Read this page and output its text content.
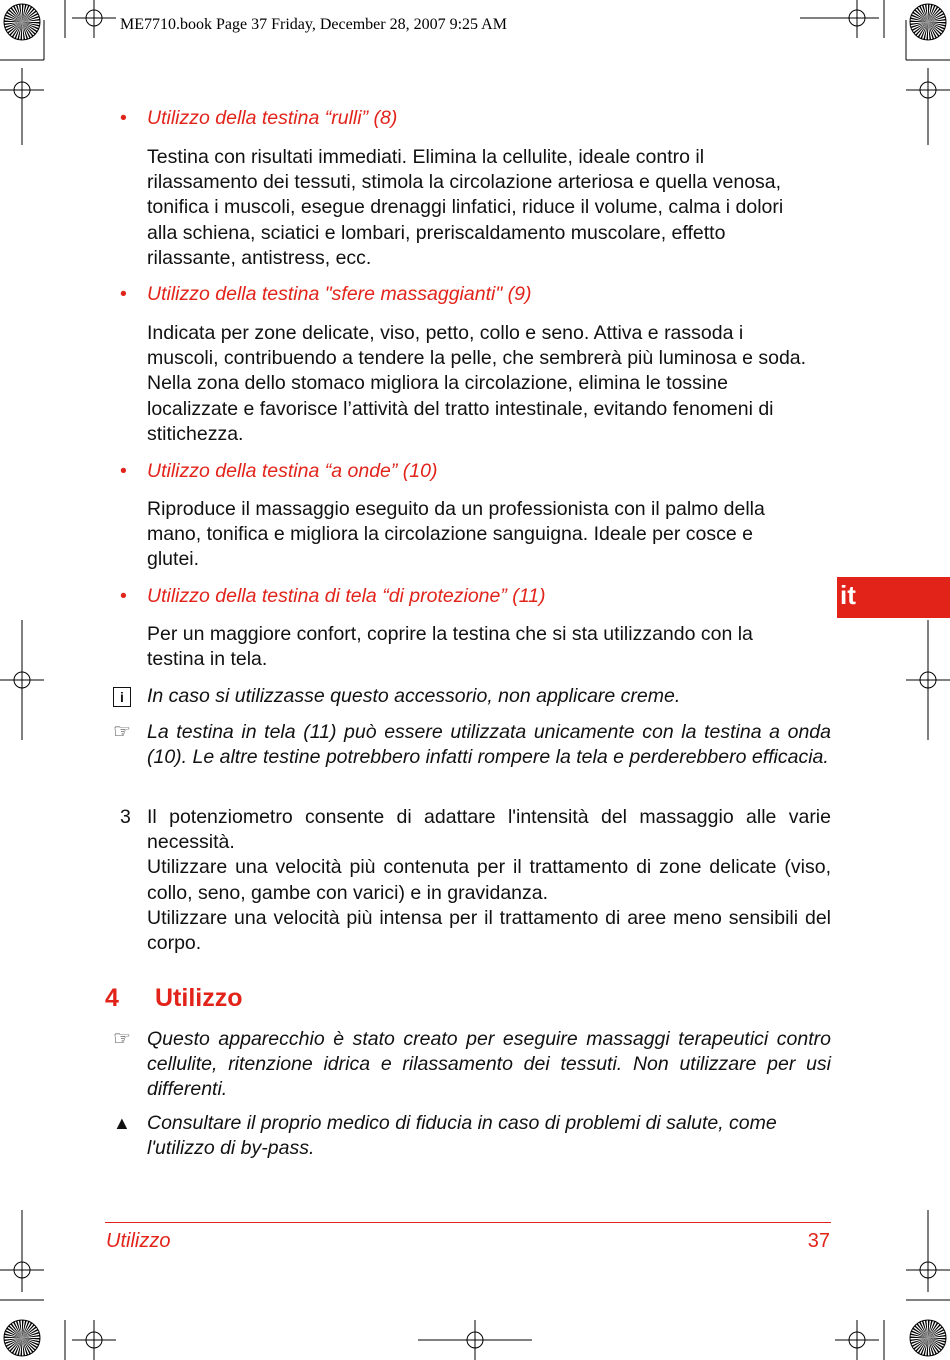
ME7710.book Page 37 Friday, December 28, 2007 9:25 AM
• Utilizzo della testina “rulli” (8)
Testina con risultati immediati. Elimina la cellulite, ideale contro il
rilassamento dei tessuti, stimola la circolazione arteriosa e quella venosa,
tonifica i muscoli, esegue drenaggi linfatici, riduce il volume, calma i dolori
alla schiena, sciatici e lombari, preriscaldamento muscolare, effetto
rilassante, antistress, ecc.
• Utilizzo della testina "sfere massaggianti" (9)
Indicata per zone delicate, viso, petto, collo e seno. Attiva e rassoda i
muscoli, contribuendo a tendere la pelle, che sembrerà più luminosa e soda.
Nella zona dello stomaco migliora la circolazione, elimina le tossine
localizzate e favorisce l’attività del tratto intestinale, evitando fenomeni di
stitichezza.
• Utilizzo della testina “a onde” (10)
Riproduce il massaggio eseguito da un professionista con il palmo della
mano, tonifica e migliora la circolazione sanguigna. Ideale per cosce e
glutei.
• Utilizzo della testina di tela “di protezione” (11)
Per un maggiore confort, coprire la testina che si sta utilizzando con la
testina in tela.
i	In caso si utilizzasse questo accessorio, non applicare creme.
☞ La testina in tela (11) può essere utilizzata unicamente con la testina a onda (10). Le altre testine potrebbero infatti rompere la tela e perderebbero efficacia.
3 Il potenziometro consente di adattare l'intensità del massaggio alle varie necessità.
Utilizzare una velocità più contenuta per il trattamento di zone delicate (viso, collo, seno, gambe con varici) e in gravidanza.
Utilizzare una velocità più intensa per il trattamento di aree meno sensibili del corpo.
4 Utilizzo
☞ Questo apparecchio è stato creato per eseguire massaggi terapeutici contro cellulite, ritenzione idrica e rilassamento dei tessuti. Non utilizzare per usi differenti.
▲ Consultare il proprio medico di fiducia in caso di problemi di salute, come l'utilizzo di by-pass.
it
Utilizzo	37
